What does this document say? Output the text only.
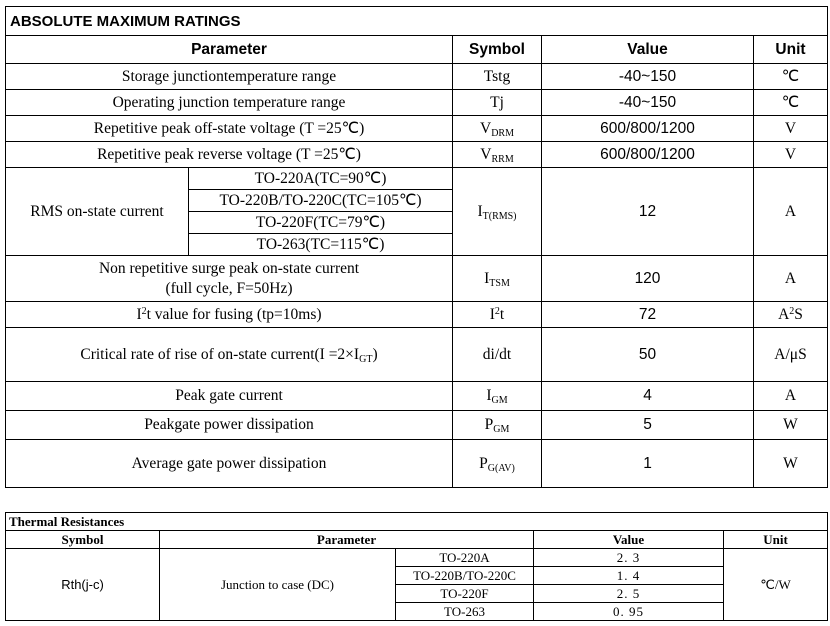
ABSOLUTE MAXIMUM RATINGS				
Parameter		Symbol	Value	Unit
Storage junctiontemperature range		Tstg	-40~150	℃
Operating junction temperature range		Tj	-40~150	℃
Repetitive peak off-state voltage (T =25℃)		$V_{DRM}$	600/800/1200	V
Repetitive peak reverse voltage (T =25℃)		$V_{RRM}$	600/800/1200	V
RMS on-state current	TO-220A(TC=90℃)	$I_{T(RMS)}$	12	A
	TO-220B/TO-220C(TC=105℃)			
	TO-220F(TC=79℃)			
	TO-263(TC=115℃)			
Non repetitive surge peak on-state current
(full cycle, F=50Hz)		$I_{TSM}$	120	A
$I^2t$ value for fusing (tp=10ms)		$I^2t$	72	$A^2S$
Critical rate of rise of on-state current(I $=2\times I_{GT}$)		di/dt	50	A/μS
Peak gate current		$I_{GM}$	4	A
Peakgate power dissipation		$P_{GM}$	5	W
Average gate power dissipation		$P_{G(AV)}$	1	W
Thermal Resistances				
Symbol	Parameter		Value	Unit
Rth(j-c)	Junction to case (DC)	TO-220A	2. 3	℃/W
		TO-220B/TO-220C	1. 4	
		TO-220F	2. 5	
		TO-263	0. 95	
